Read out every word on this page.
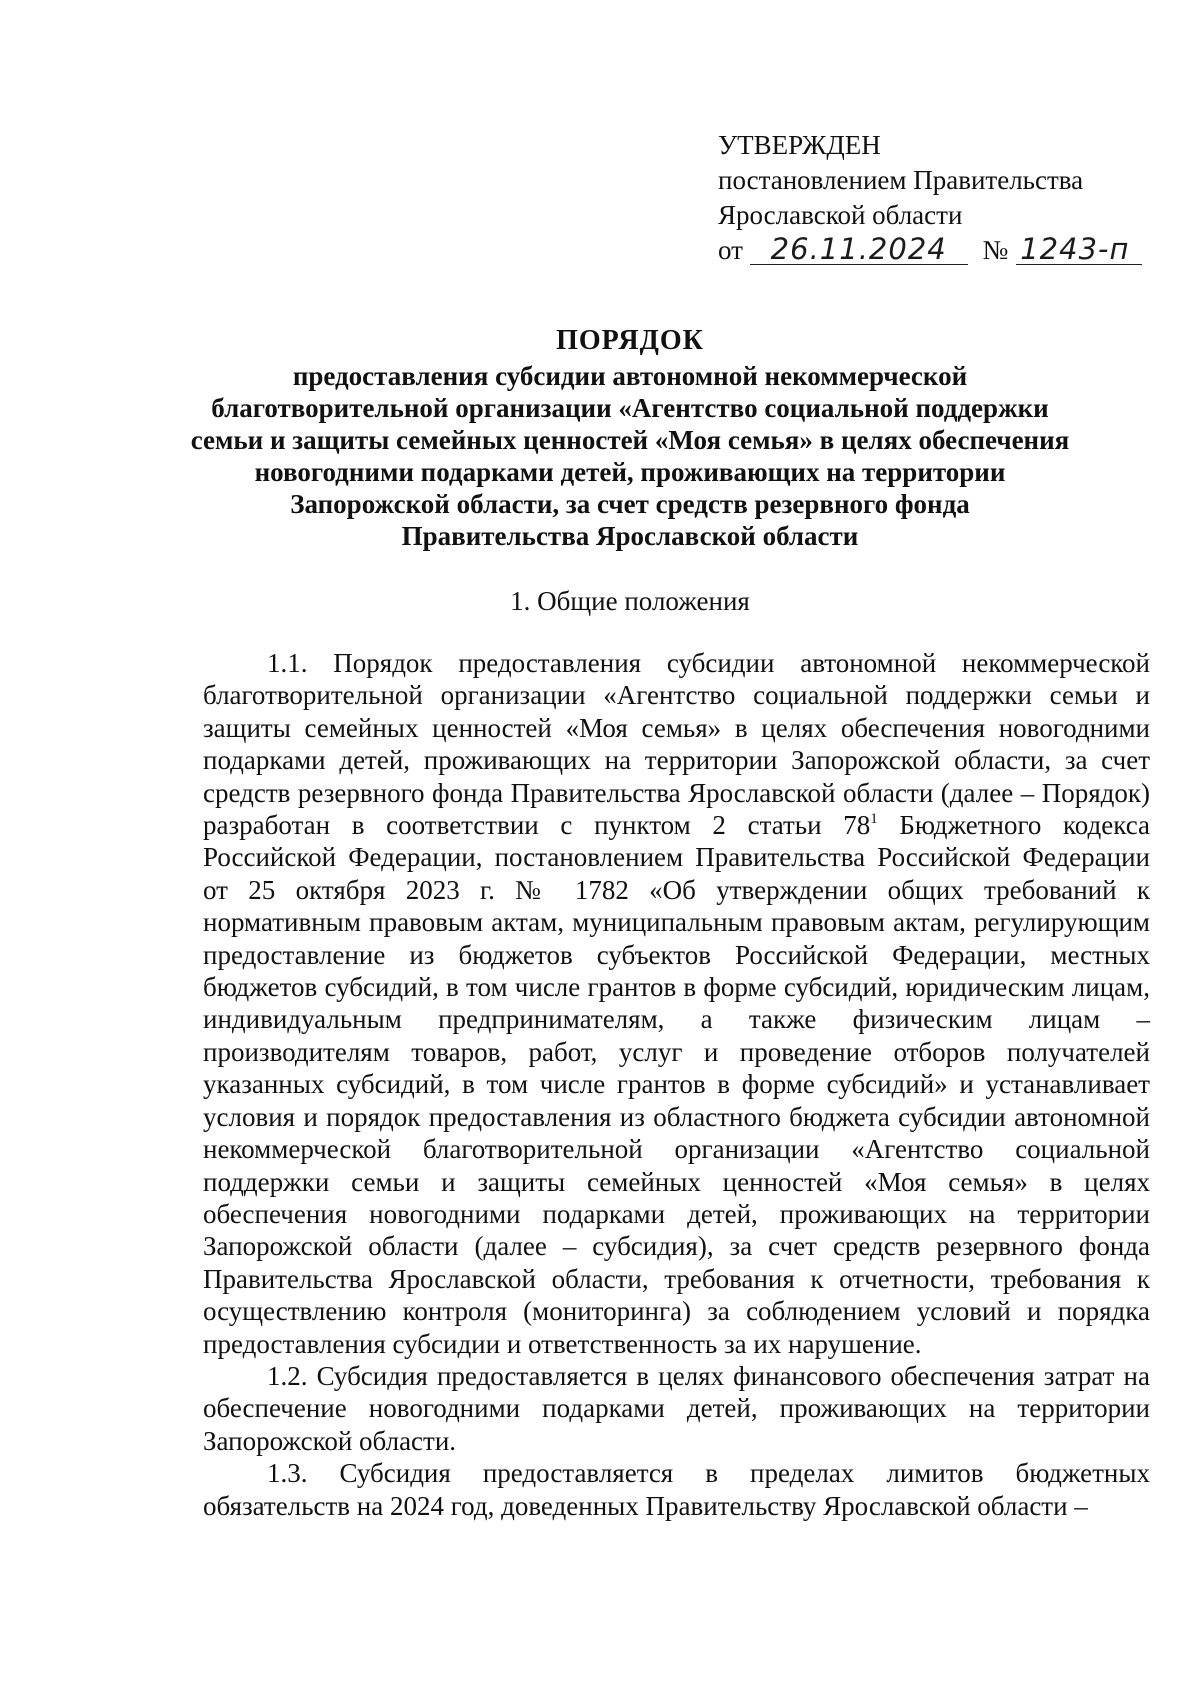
УТВЕРЖДЕН
постановлением Правительства
Ярославской области
от 26.11.2024 № 1243-п
ПОРЯДОК
предоставления субсидии автономной некоммерческой
благотворительной организации «Агентство социальной поддержки
семьи и защиты семейных ценностей «Моя семья» в целях обеспечения
новогодними подарками детей, проживающих на территории
Запорожской области, за счет средств резервного фонда
Правительства Ярославской области
1. Общие положения

1.1. Порядок предоставления субсидии автономной некоммерческой благотворительной организации «Агентство социальной поддержки семьи и защиты семейных ценностей «Моя семья» в целях обеспечения новогодними подарками детей, проживающих на территории Запорожской области, за счет средств резервного фонда Правительства Ярославской области (далее – Порядок) разработан в соответствии с пунктом 2 статьи $78^1$ Бюджетного кодекса Российской Федерации, постановлением Правительства Российской Федерации от 25 октября 2023 г. № 1782 «Об утверждении общих требований к нормативным правовым актам, муниципальным правовым актам, регулирующим предоставление из бюджетов субъектов Российской Федерации, местных бюджетов субсидий, в том числе грантов в форме субсидий, юридическим лицам, индивидуальным предпринимателям, а также физическим лицам – производителям товаров, работ, услуг и проведение отборов получателей указанных субсидий, в том числе грантов в форме субсидий» и устанавливает условия и порядок предоставления из областного бюджета субсидии автономной некоммерческой благотворительной организации «Агентство социальной поддержки семьи и защиты семейных ценностей «Моя семья» в целях обеспечения новогодними подарками детей, проживающих на территории Запорожской области (далее – субсидия), за счет средств резервного фонда Правительства Ярославской области, требования к отчетности, требования к осуществлению контроля (мониторинга) за соблюдением условий и порядка предоставления субсидии и ответственность за их нарушение.

1.2. Субсидия предоставляется в целях финансового обеспечения затрат на обеспечение новогодними подарками детей, проживающих на территории Запорожской области.

1.3. Субсидия предоставляется в пределах лимитов бюджетных обязательств на 2024 год, доведенных Правительству Ярославской области –
